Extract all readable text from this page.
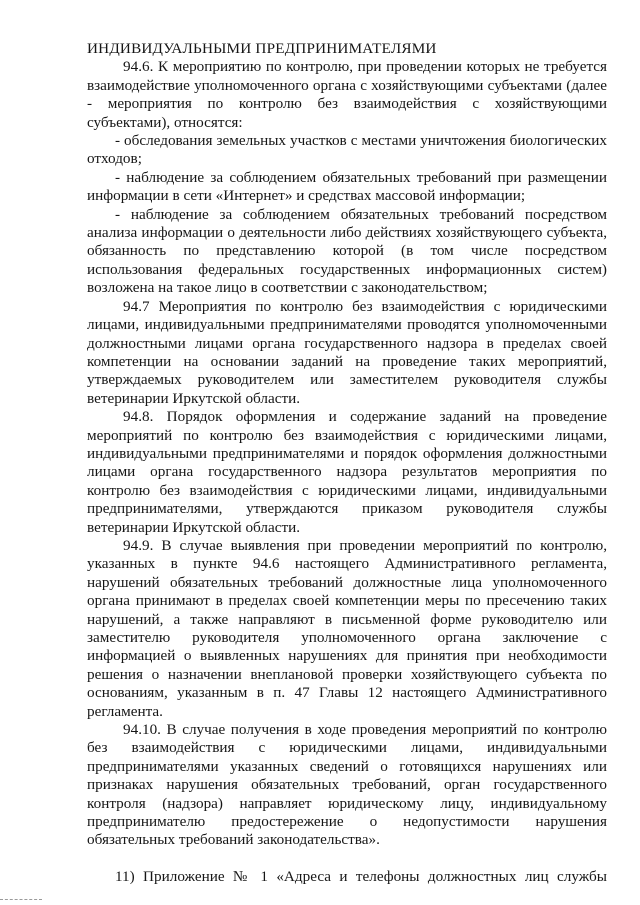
ИНДИВИДУАЛЬНЫМИ ПРЕДПРИНИМАТЕЛЯМИ

94.6. К мероприятию по контролю, при проведении которых не требуется взаимодействие уполномоченного органа с хозяйствующими субъектами (далее - мероприятия по контролю без взаимодействия с хозяйствующими субъектами), относятся:

- обследования земельных участков с местами уничтожения биологических отходов;

- наблюдение за соблюдением обязательных требований при размещении информации в сети «Интернет» и средствах массовой информации;

- наблюдение за соблюдением обязательных требований посредством анализа информации о деятельности либо действиях хозяйствующего субъекта, обязанность по представлению которой (в том числе посредством использования федеральных государственных информационных систем) возложена на такое лицо в соответствии с законодательством;

94.7 Мероприятия по контролю без взаимодействия с юридическими лицами, индивидуальными предпринимателями проводятся уполномоченными должностными лицами органа государственного надзора в пределах своей компетенции на основании заданий на проведение таких мероприятий, утверждаемых руководителем или заместителем руководителя службы ветеринарии Иркутской области.

94.8. Порядок оформления и содержание заданий на проведение мероприятий по контролю без взаимодействия с юридическими лицами, индивидуальными предпринимателями и порядок оформления должностными лицами органа государственного надзора результатов мероприятия по контролю без взаимодействия с юридическими лицами, индивидуальными предпринимателями, утверждаются приказом руководителя службы ветеринарии Иркутской области.

94.9. В случае выявления при проведении мероприятий по контролю, указанных в пункте 94.6 настоящего Административного регламента, нарушений обязательных требований должностные лица уполномоченного органа принимают в пределах своей компетенции меры по пресечению таких нарушений, а также направляют в письменной форме руководителю или заместителю руководителя уполномоченного органа заключение с информацией о выявленных нарушениях для принятия при необходимости решения о назначении внеплановой проверки хозяйствующего субъекта по основаниям, указанным в п. 47 Главы 12 настоящего Административного регламента.

94.10. В случае получения в ходе проведения мероприятий по контролю без взаимодействия с юридическими лицами, индивидуальными предпринимателями указанных сведений о готовящихся нарушениях или признаках нарушения обязательных требований, орган государственного контроля (надзора) направляет юридическому лицу, индивидуальному предпринимателю предостережение о недопустимости нарушения обязательных требований законодательства».

11) Приложение № 1 «Адреса и телефоны должностных лиц службы
